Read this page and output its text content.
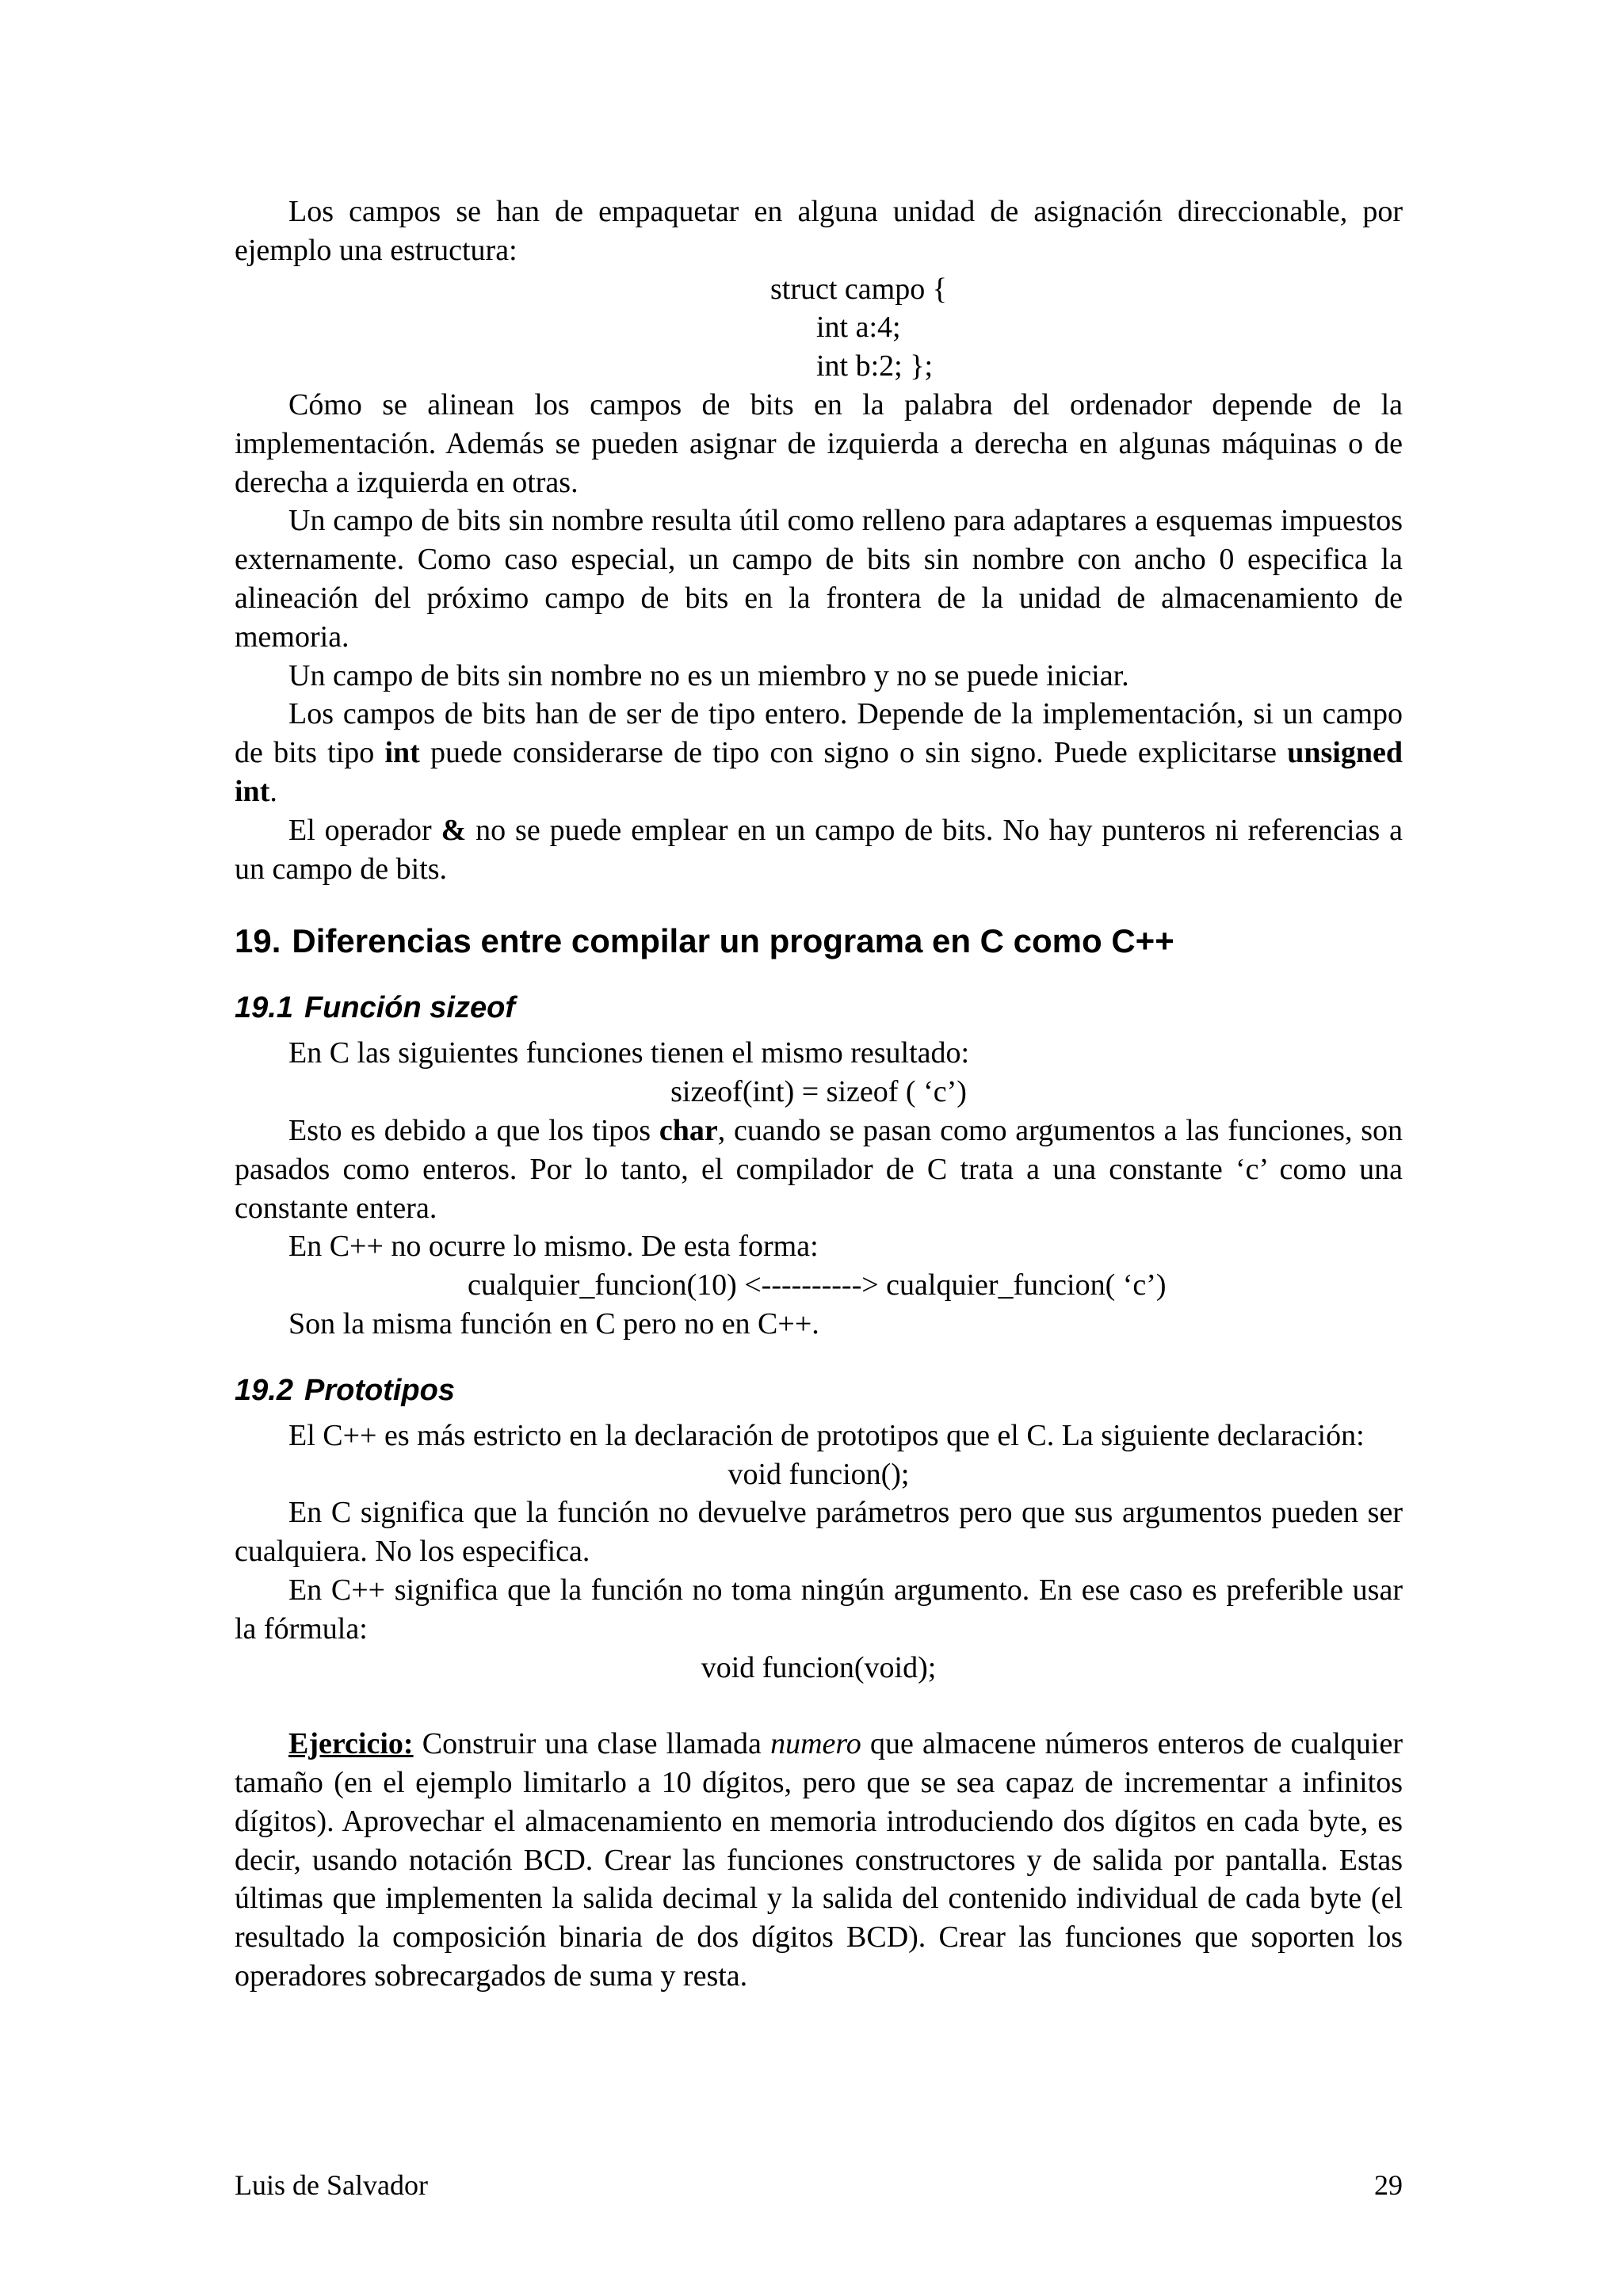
Los campos se han de empaquetar en alguna unidad de asignación direccionable, por ejemplo una estructura:

struct campo {
int a:4;
int b:2; };

Cómo se alinean los campos de bits en la palabra del ordenador depende de la implementación. Además se pueden asignar de izquierda a derecha en algunas máquinas o de derecha a izquierda en otras.

Un campo de bits sin nombre resulta útil como relleno para adaptares a esquemas impuestos externamente. Como caso especial, un campo de bits sin nombre con ancho 0 especifica la alineación del próximo campo de bits en la frontera de la unidad de almacenamiento de memoria.

Un campo de bits sin nombre no es un miembro y no se puede iniciar.

Los campos de bits han de ser de tipo entero. Depende de la implementación, si un campo de bits tipo int puede considerarse de tipo con signo o sin signo. Puede explicitarse unsigned int.

El operador & no se puede emplear en un campo de bits. No hay punteros ni referencias a un campo de bits.

19. Diferencias entre compilar un programa en C como C++
19.1 Función sizeof

En C las siguientes funciones tienen el mismo resultado:

sizeof(int) = sizeof ( ‘c’)

Esto es debido a que los tipos char, cuando se pasan como argumentos a las funciones, son pasados como enteros. Por lo tanto, el compilador de C trata a una constante ‘c’ como una constante entera.

En C++ no ocurre lo mismo. De esta forma:

cualquier_funcion(10) <----------> cualquier_funcion( ‘c’)

Son la misma función en C pero no en C++.

19.2 Prototipos

El C++ es más estricto en la declaración de prototipos que el C. La siguiente declaración:

void funcion();

En C significa que la función no devuelve parámetros pero que sus argumentos pueden ser cualquiera. No los especifica.

En C++ significa que la función no toma ningún argumento. En ese caso es preferible usar la fórmula:

void funcion(void);

Ejercicio: Construir una clase llamada numero que almacene números enteros de cualquier tamaño (en el ejemplo limitarlo a 10 dígitos, pero que se sea capaz de incrementar a infinitos dígitos). Aprovechar el almacenamiento en memoria introduciendo dos dígitos en cada byte, es decir, usando notación BCD. Crear las funciones constructores y de salida por pantalla. Estas últimas que implementen la salida decimal y la salida del contenido individual de cada byte (el resultado la composición binaria de dos dígitos BCD). Crear las funciones que soporten los operadores sobrecargados de suma y resta.

Luis de Salvador	29
